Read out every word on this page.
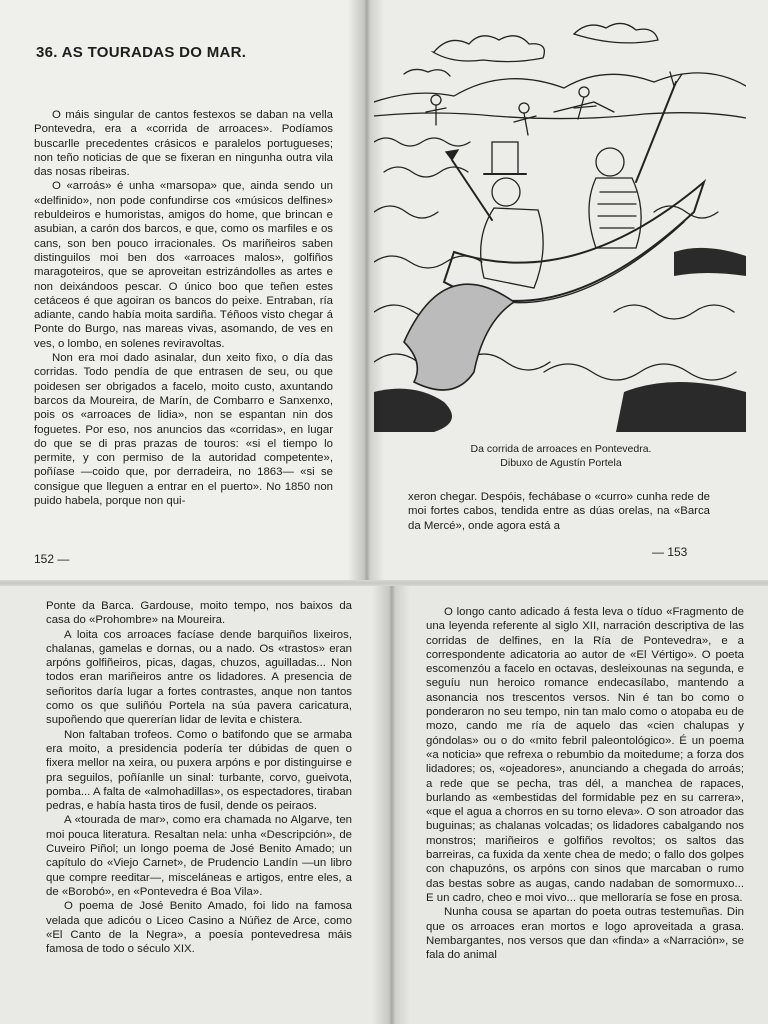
36. AS TOURADAS DO MAR.

O máis singular de cantos festexos se daban na vella Pontevedra, era a «corrida de arroaces». Podíamos buscarlle precedentes crásicos e paralelos portugueses; non teño noticias de que se fixeran en ningunha outra vila das nosas ribeiras.

O «arroás» é unha «marsopa» que, ainda sendo un «delfinido», non pode confundirse cos «músicos delfines» rebuldeiros e humoristas, amigos do home, que brincan e asubian, a carón dos barcos, e que, como os marfiles e os cans, son ben pouco irracionales. Os mariñeiros saben distinguilos moi ben dos «arroaces malos», golfiños maragoteiros, que se aproveitan estrizándolles as artes e non deixándoos pescar. O único boo que teñen estes cetáceos é que agoiran os bancos do peixe. Entraban, ría adiante, cando había moita sardiña. Téñoos visto chegar á Ponte do Burgo, nas mareas vivas, asomando, de ves en ves, o lombo, en solenes reviravoltas.

Non era moi dado asinalar, dun xeito fixo, o día das corridas. Todo pendía de que entrasen de seu, ou que poidesen ser obrigados a facelo, moito custo, axuntando barcos da Moureira, de Marín, de Combarro e Sanxenxo, pois os «arroaces de lidia», non se espantan nin dos foguetes. Por eso, nos anuncios das «corridas», en lugar do que se di pras prazas de touros: «si el tiempo lo permite, y con permiso de la autoridad competente», poñíase —coido que, por derradeira, no 1863— «si se consigue que lleguen a entrar en el puerto». No 1850 non puido habela, porque non qui-

152 —
Da corrida de arroaces en Pontevedra.
Dibuxo de Agustín Portela

xeron chegar. Despóis, fechábase o «curro» cunha rede de moi fortes cabos, tendida entre as dúas orelas, na «Barca da Mercé», onde agora está a

— 153

Ponte da Barca. Gardouse, moito tempo, nos baixos da casa do «Prohombre» na Moureira.

A loita cos arroaces facíase dende barquiños lixeiros, chalanas, gamelas e dornas, ou a nado. Os «trastos» eran arpóns golfiñeiros, picas, dagas, chuzos, aguilladas... Non todos eran mariñeiros antre os lidadores. A presencia de señoritos daría lugar a fortes contrastes, anque non tantos como os que suliñóu Portela na súa pavera caricatura, supoñendo que quererían lidar de levita e chistera.

Non faltaban trofeos. Como o batifondo que se armaba era moito, a presidencia podería ter dúbidas de quen o fixera mellor na xeira, ou puxera arpóns e por distinguirse e pra seguilos, poñíanlle un sinal: turbante, corvo, gueivota, pomba... A falta de «almohadillas», os espectadores, tiraban pedras, e había hasta tiros de fusil, dende os peiraos.

A «tourada de mar», como era chamada no Algarve, ten moi pouca literatura. Resaltan nela: unha «Descripción», de Cuveiro Piñol; un longo poema de José Benito Amado; un capítulo do «Viejo Carnet», de Prudencio Landín —un libro que compre reeditar—, misceláneas e artigos, entre eles, a de «Borobó», en «Pontevedra é Boa Vila».

O poema de José Benito Amado, foi lido na famosa velada que adicóu o Liceo Casino a Núñez de Arce, como «El Canto de la Negra», a poesía pontevedresa máis famosa de todo o século XIX.

O longo canto adicado á festa leva o tíduo «Fragmento de una leyenda referente al siglo XII, narración descriptiva de las corridas de delfines, en la Ría de Pontevedra», e a correspondente adicatoria ao autor de «El Vértigo». O poeta escomenzóu a facelo en octavas, desleixounas na segunda, e seguíu nun heroico romance endecasílabo, mantendo a asonancia nos trescentos versos. Nin é tan bo como o ponderaron no seu tempo, nin tan malo como o atopaba eu de mozo, cando me ría de aquelo das «cien chalupas y góndolas» ou o do «mito febril paleontológico». É un poema «a noticia» que refrexa o rebumbio da moitedume; a forza dos lidadores; os, «ojeadores», anunciando a chegada do arroás; a rede que se pecha, tras dél, a manchea de rapaces, burlando as «embestidas del formidable pez en su carrera», «que el agua a chorros en su torno eleva». O son atroador das buguinas; as chalanas volcadas; os lidadores cabalgando nos monstros; mariñeiros e golfiños revoltos; os saltos das barreiras, ca fuxida da xente chea de medo; o fallo dos golpes con chapuzóns, os arpóns con sinos que marcaban o rumo das bestas sobre as augas, cando nadaban de somormuxo... E un cadro, cheo e moi vivo... que melloraría se fose en prosa.

Nunha cousa se apartan do poeta outras testemuñas. Din que os arroaces eran mortos e logo aproveitada a grasa. Nembargantes, nos versos que dan «finda» a «Narración», se fala do animal
